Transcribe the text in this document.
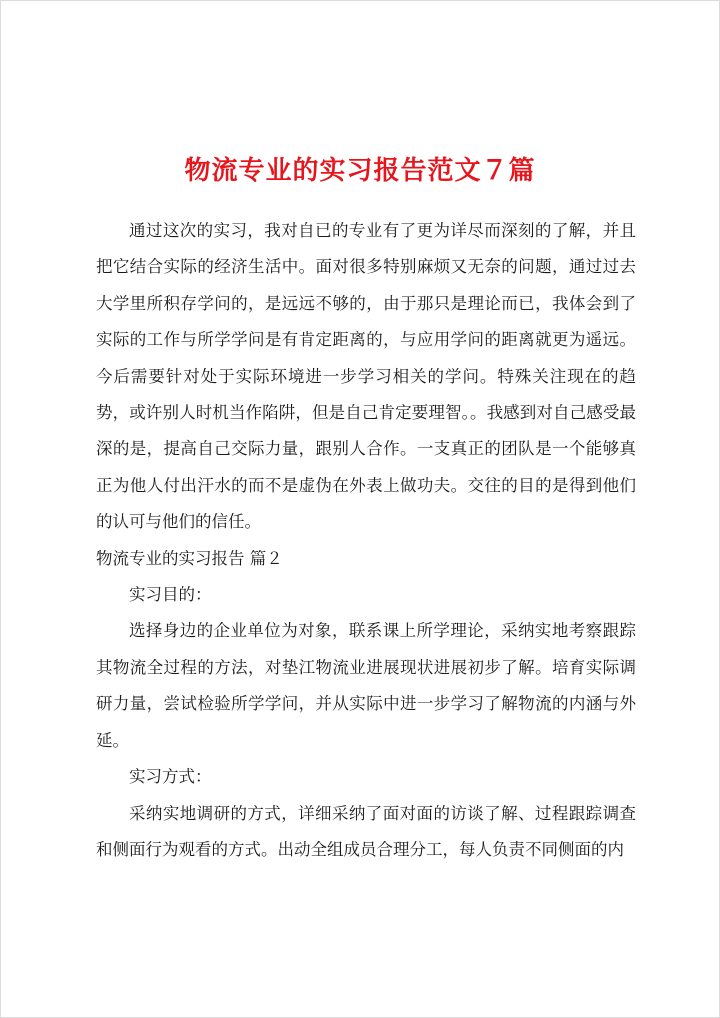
物流专业的实习报告范文７篇

通过这次的实习，我对自已的专业有了更为详尽而深刻的了解，并且把它结合实际的经济生活中。面对很多特别麻烦又无奈的问题，通过过去大学里所积存学问的，是远远不够的，由于那只是理论而已，我体会到了实际的工作与所学学问是有肯定距离的，与应用学问的距离就更为遥远。今后需要针对处于实际环境进一步学习相关的学问。特殊关注现在的趋势，或许别人时机当作陷阱，但是自己肯定要理智。。我感到对自己感受最深的是，提高自己交际力量，跟别人合作。一支真正的团队是一个能够真正为他人付出汗水的而不是虚伪在外表上做功夫。交往的目的是得到他们的认可与他们的信任。

物流专业的实习报告 篇２

实习目的：

选择身边的企业单位为对象，联系课上所学理论，采纳实地考察跟踪其物流全过程的方法，对垫江物流业进展现状进展初步了解。培育实际调研力量，尝试检验所学学问，并从实际中进一步学习了解物流的内涵与外延。

实习方式：

采纳实地调研的方式，详细采纳了面对面的访谈了解、过程跟踪调查和侧面行为观看的方式。出动全组成员合理分工，每人负责不同侧面的内
